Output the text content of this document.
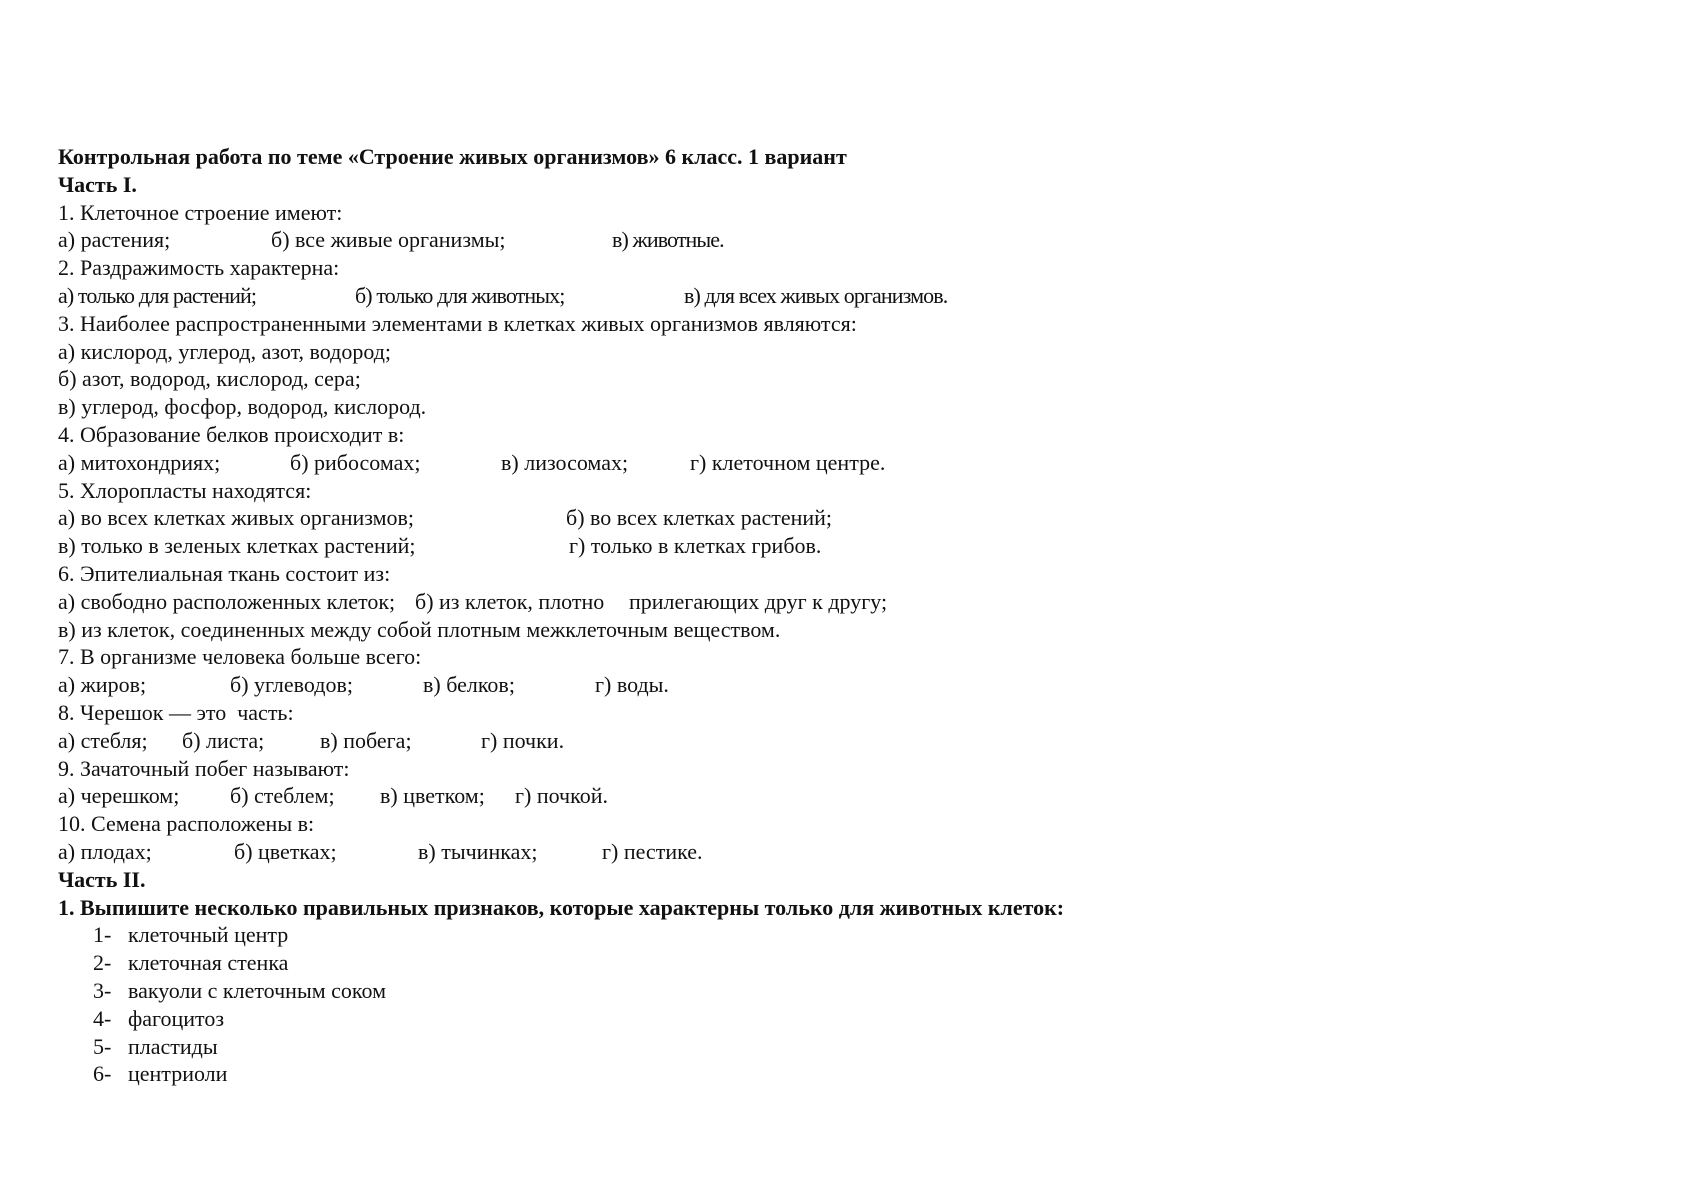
Контрольная работа по теме «Строение живых организмов» 6 класс. 1 вариант
Часть I.
1. Клеточное строение имеют:

а) растения;

	б) все живые организмы;

	в) животные.

2. Раздражимость характерна:

а) только для растений;

	б) только для животных;

	в) для всех живых организмов.

3. Наиболее распространенными элементами в клетках живых организмов являются:
а) кислород, углерод, азот, водород;
б) азот, водород, кислород, сера;
в) углерод, фосфор, водород, кислород.
4. Образование белков происходит в:

а) митохондриях;

	б) рибосомах;

	в) лизосомах;

	г) клеточном центре.

5. Хлоропласты находятся:

а) во всех клетках живых организмов;

	б) во всех клетках растений;

в) только в зеленых клетках растений;

	г) только в клетках грибов.

6. Эпителиальная ткань состоит из:

а) свободно расположенных клеток;

б) из клеток, плотно

прилегающих друг к другу;

в) из клеток, соединенных между собой плотным межклеточным веществом.
7. В организме человека больше всего:

а) жиров;

	б) углеводов;

	в) белков;

	г) воды.

8. Черешок — это  часть:

а) стебля;

б) листа;

	в) побега;

	г) почки.

9. Зачаточный побег называют:

а) черешком;

б) стеблем;

в) цветком;

г) почкой.

10. Семена расположены в:

а) плодах;

	б) цветках;

	в) тычинках;

	г) пестике.

Часть II.
1. Выпишите несколько правильных признаков, которые характерны только для животных клеток:
1- клеточный центр
2- клеточная стенка
3- вакуоли с клеточным соком
4- фагоцитоз
5- пластиды
6- центриоли
